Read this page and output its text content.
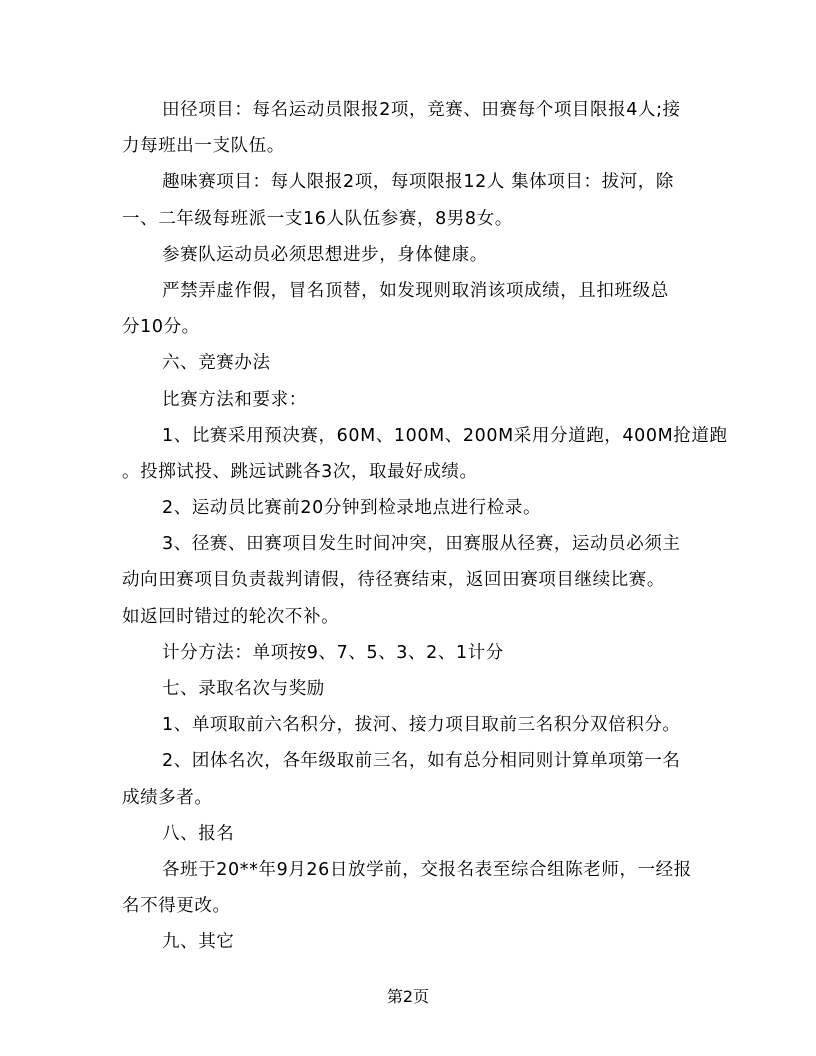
田径项目：每名运动员限报2项，竞赛、田赛每个项目限报4人;接
力每班出一支队伍。
趣味赛项目：每人限报2项，每项限报12人 集体项目：拔河，除
一、二年级每班派一支16人队伍参赛，8男8女。
参赛队运动员必须思想进步，身体健康。
严禁弄虚作假，冒名顶替，如发现则取消该项成绩，且扣班级总
分10分。
六、竞赛办法
比赛方法和要求：
1、比赛采用预决赛，60M、100M、200M采用分道跑，400M抢道跑
。投掷试投、跳远试跳各3次，取最好成绩。
2、运动员比赛前20分钟到检录地点进行检录。
3、径赛、田赛项目发生时间冲突，田赛服从径赛，运动员必须主
动向田赛项目负责裁判请假，待径赛结束，返回田赛项目继续比赛。
如返回时错过的轮次不补。
计分方法：单项按9、7、5、3、2、1计分
七、录取名次与奖励
1、单项取前六名积分，拔河、接力项目取前三名积分双倍积分。
2、团体名次，各年级取前三名，如有总分相同则计算单项第一名
成绩多者。
八、报名
各班于20**年9月26日放学前，交报名表至综合组陈老师，一经报
名不得更改。
九、其它
第2页
